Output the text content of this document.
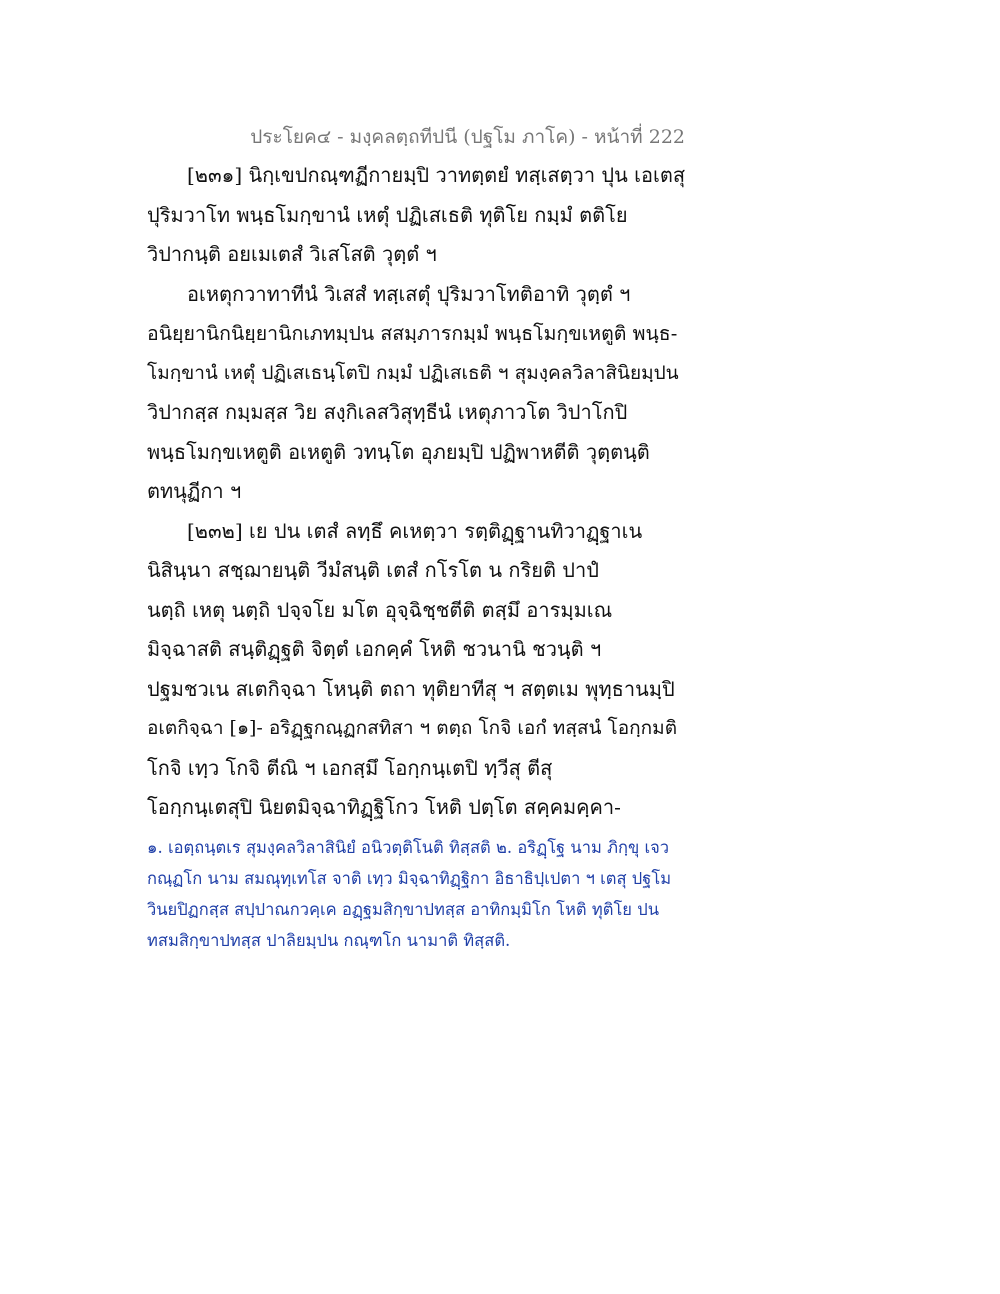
ประโยค๔ - มงฺคลตฺถทีปนี (ปฐโม ภาโค) - หน้าที่ 222
[๒๓๑] นิกฺเขปกณฺฑฏีกายมฺปิ วาทตฺตยํ ทสฺเสตฺวา ปุน เอเตสุ
ปุริมวาโท พนฺธโมกฺขานํ เหตุํ ปฏิเสเธติ ทุติโย กมฺมํ ตติโย
วิปากนฺติ อยเมเตสํ วิเสโสติ วุตฺตํ ฯ
อเหตุกวาทาทีนํ วิเสสํ ทสฺเสตุํ ปุริมวาโทติอาทิ วุตฺตํ ฯ
อนิยฺยานิกนิยฺยานิกเภทมฺปน สสมฺภารกมฺมํ พนฺธโมกฺขเหตูติ พนฺธ-
โมกฺขานํ เหตุํ ปฏิเสเธนฺโตปิ กมฺมํ ปฏิเสเธติ ฯ สุมงฺคลวิลาสินิยมฺปน
วิปากสฺส กมฺมสฺส วิย สงฺกิเลสวิสุทฺธีนํ เหตุภาวโต วิปาโกปิ
พนฺธโมกฺขเหตูติ อเหตูติ วทนฺโต อุภยมฺปิ ปฏิพาหตีติ วุตฺตนฺติ
ตทนุฏีกา ฯ
[๒๓๒] เย ปน เตสํ ลทฺธึ คเหตฺวา รตฺติฏฺฐานทิวาฏฺฐาเน
นิสินฺนา สชฺฌายนฺติ วีมํสนฺติ เตสํ กโรโต น กริยติ ปาปํ
นตฺถิ เหตุ นตฺถิ ปจฺจโย มโต อุจฺฉิชฺชตีติ ตสฺมึ อารมฺมเณ
มิจฺฉาสติ สนฺติฏฺฐติ จิตฺตํ เอกคฺคํ โหติ ชวนานิ ชวนฺติ ฯ
ปฐมชวเน สเตกิจฺฉา โหนฺติ ตถา ทุติยาทีสุ ฯ สตฺตเม พุทฺธานมฺปิ
อเตกิจฺฉา [๑]- อริฏฺฐกณฺฏกสทิสา ฯ ตตฺถ โกจิ เอกํ ทสฺสนํ โอกฺกมติ
โกจิ เทฺว โกจิ ตีณิ ฯ เอกสฺมึ โอกฺกนฺเตปิ ทฺวีสุ ตีสุ
โอกฺกนฺเตสุปิ นิยตมิจฺฉาทิฏฺฐิโกว โหติ ปตฺโต สคฺคมคฺคา-
๑. เอตฺถนฺตเร สุมงฺคลวิลาสินิยํ อนิวตฺติโนติ ทิสฺสติ ๒. อริฏฺโฐ นาม ภิกฺขุ เจว
กณฺฏโก นาม สมณุทฺเทโส จาติ เทฺว มิจฺฉาทิฏฺฐิกา อิธาธิปฺเปตา ฯ เตสุ ปฐโม
วินยปิฏกสฺส สปฺปาณกวคฺเค อฏฺฐมสิกฺขาปทสฺส อาทิกมฺมิโก โหติ ทุติโย ปน
ทสมสิกฺขาปทสฺส ปาลิยมฺปน กณฺฑโก นามาติ ทิสฺสติ.
